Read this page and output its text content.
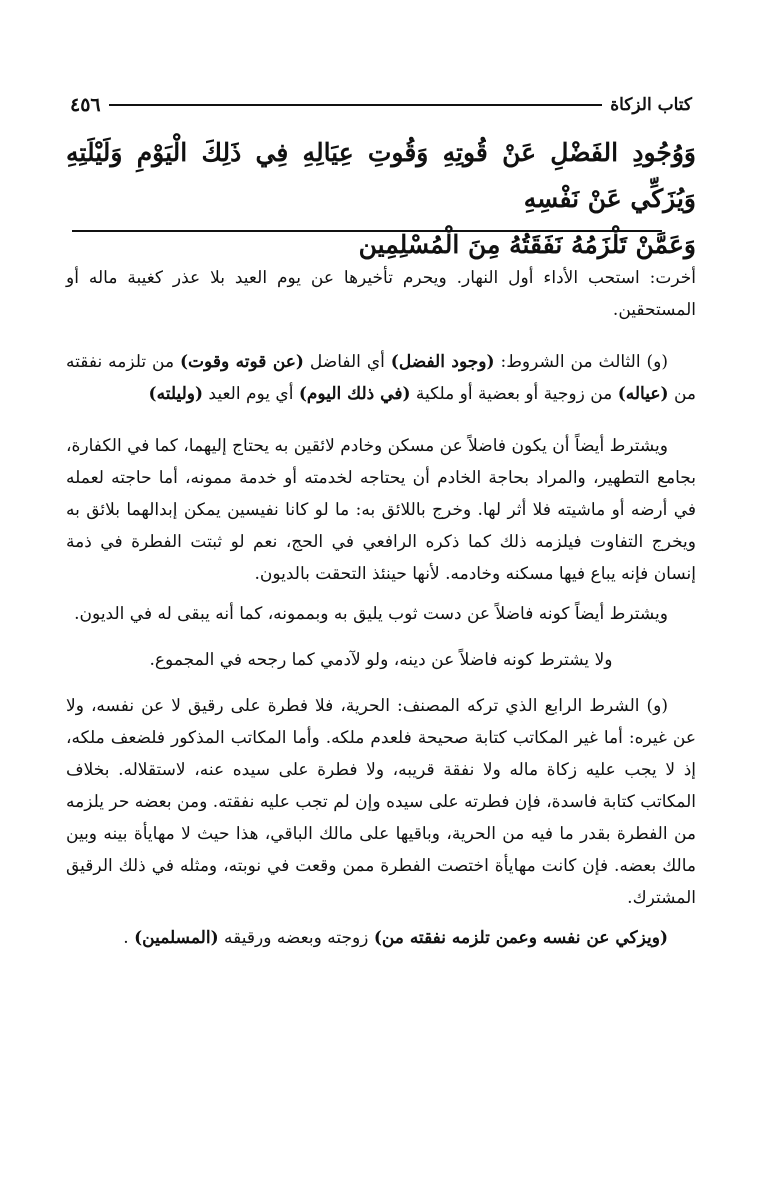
كتاب الزكاة
٤٥٦
وَوُجُودِ الفَضْلِ عَنْ قُوتِهِ وَقُوتِ عِيَالِهِ فِي ذَلِكَ الْيَوْمِ وَلَيْلَتِهِ وَيُزَكِّي عَنْ نَفْسِهِ
وَعَمَّنْ تَلْزَمُهُ نَفَقَتُهُ مِنَ الْمُسْلِمِين

أخرت: استحب الأداء أول النهار. ويحرم تأخيرها عن يوم العيد بلا عذر كغيبة ماله أو المستحقين.

(و) الثالث من الشروط: (وجود الفضل) أي الفاضل (عن قوته وقوت) من تلزمه نفقته من (عياله) من زوجية أو بعضية أو ملكية (في ذلك اليوم) أي يوم العيد (وليلته)

ويشترط أيضاً أن يكون فاضلاً عن مسكن وخادم لائقين به يحتاج إليهما، كما في الكفارة، بجامع التطهير، والمراد بحاجة الخادم أن يحتاجه لخدمته أو خدمة ممونه، أما حاجته لعمله في أرضه أو ماشيته فلا أثر لها. وخرج باللائق به: ما لو كانا نفيسين يمكن إبدالهما بلائق به ويخرج التفاوت فيلزمه ذلك كما ذكره الرافعي في الحج، نعم لو ثبتت الفطرة في ذمة إنسان فإنه يباع فيها مسكنه وخادمه. لأنها حينئذ التحقت بالديون.

ويشترط أيضاً كونه فاضلاً عن دست ثوب يليق به وبممونه، كما أنه يبقى له في الديون.

ولا يشترط كونه فاضلاً عن دينه، ولو لآدمي كما رجحه في المجموع.

(و) الشرط الرابع الذي تركه المصنف: الحرية، فلا فطرة على رقيق لا عن نفسه، ولا عن غيره: أما غير المكاتب كتابة صحيحة فلعدم ملكه. وأما المكاتب المذكور فلضعف ملكه، إذ لا يجب عليه زكاة ماله ولا نفقة قريبه، ولا فطرة على سيده عنه، لاستقلاله. بخلاف المكاتب كتابة فاسدة، فإن فطرته على سيده وإن لم تجب عليه نفقته. ومن بعضه حر يلزمه من الفطرة بقدر ما فيه من الحرية، وباقيها على مالك الباقي، هذا حيث لا مهايأة بينه وبين مالك بعضه. فإن كانت مهايأة اختصت الفطرة ممن وقعت في نوبته، ومثله في ذلك الرقيق المشترك.

(ويزكي عن نفسه وعمن تلزمه نفقته من) زوجته وبعضه ورقيقه (المسلمين) .
